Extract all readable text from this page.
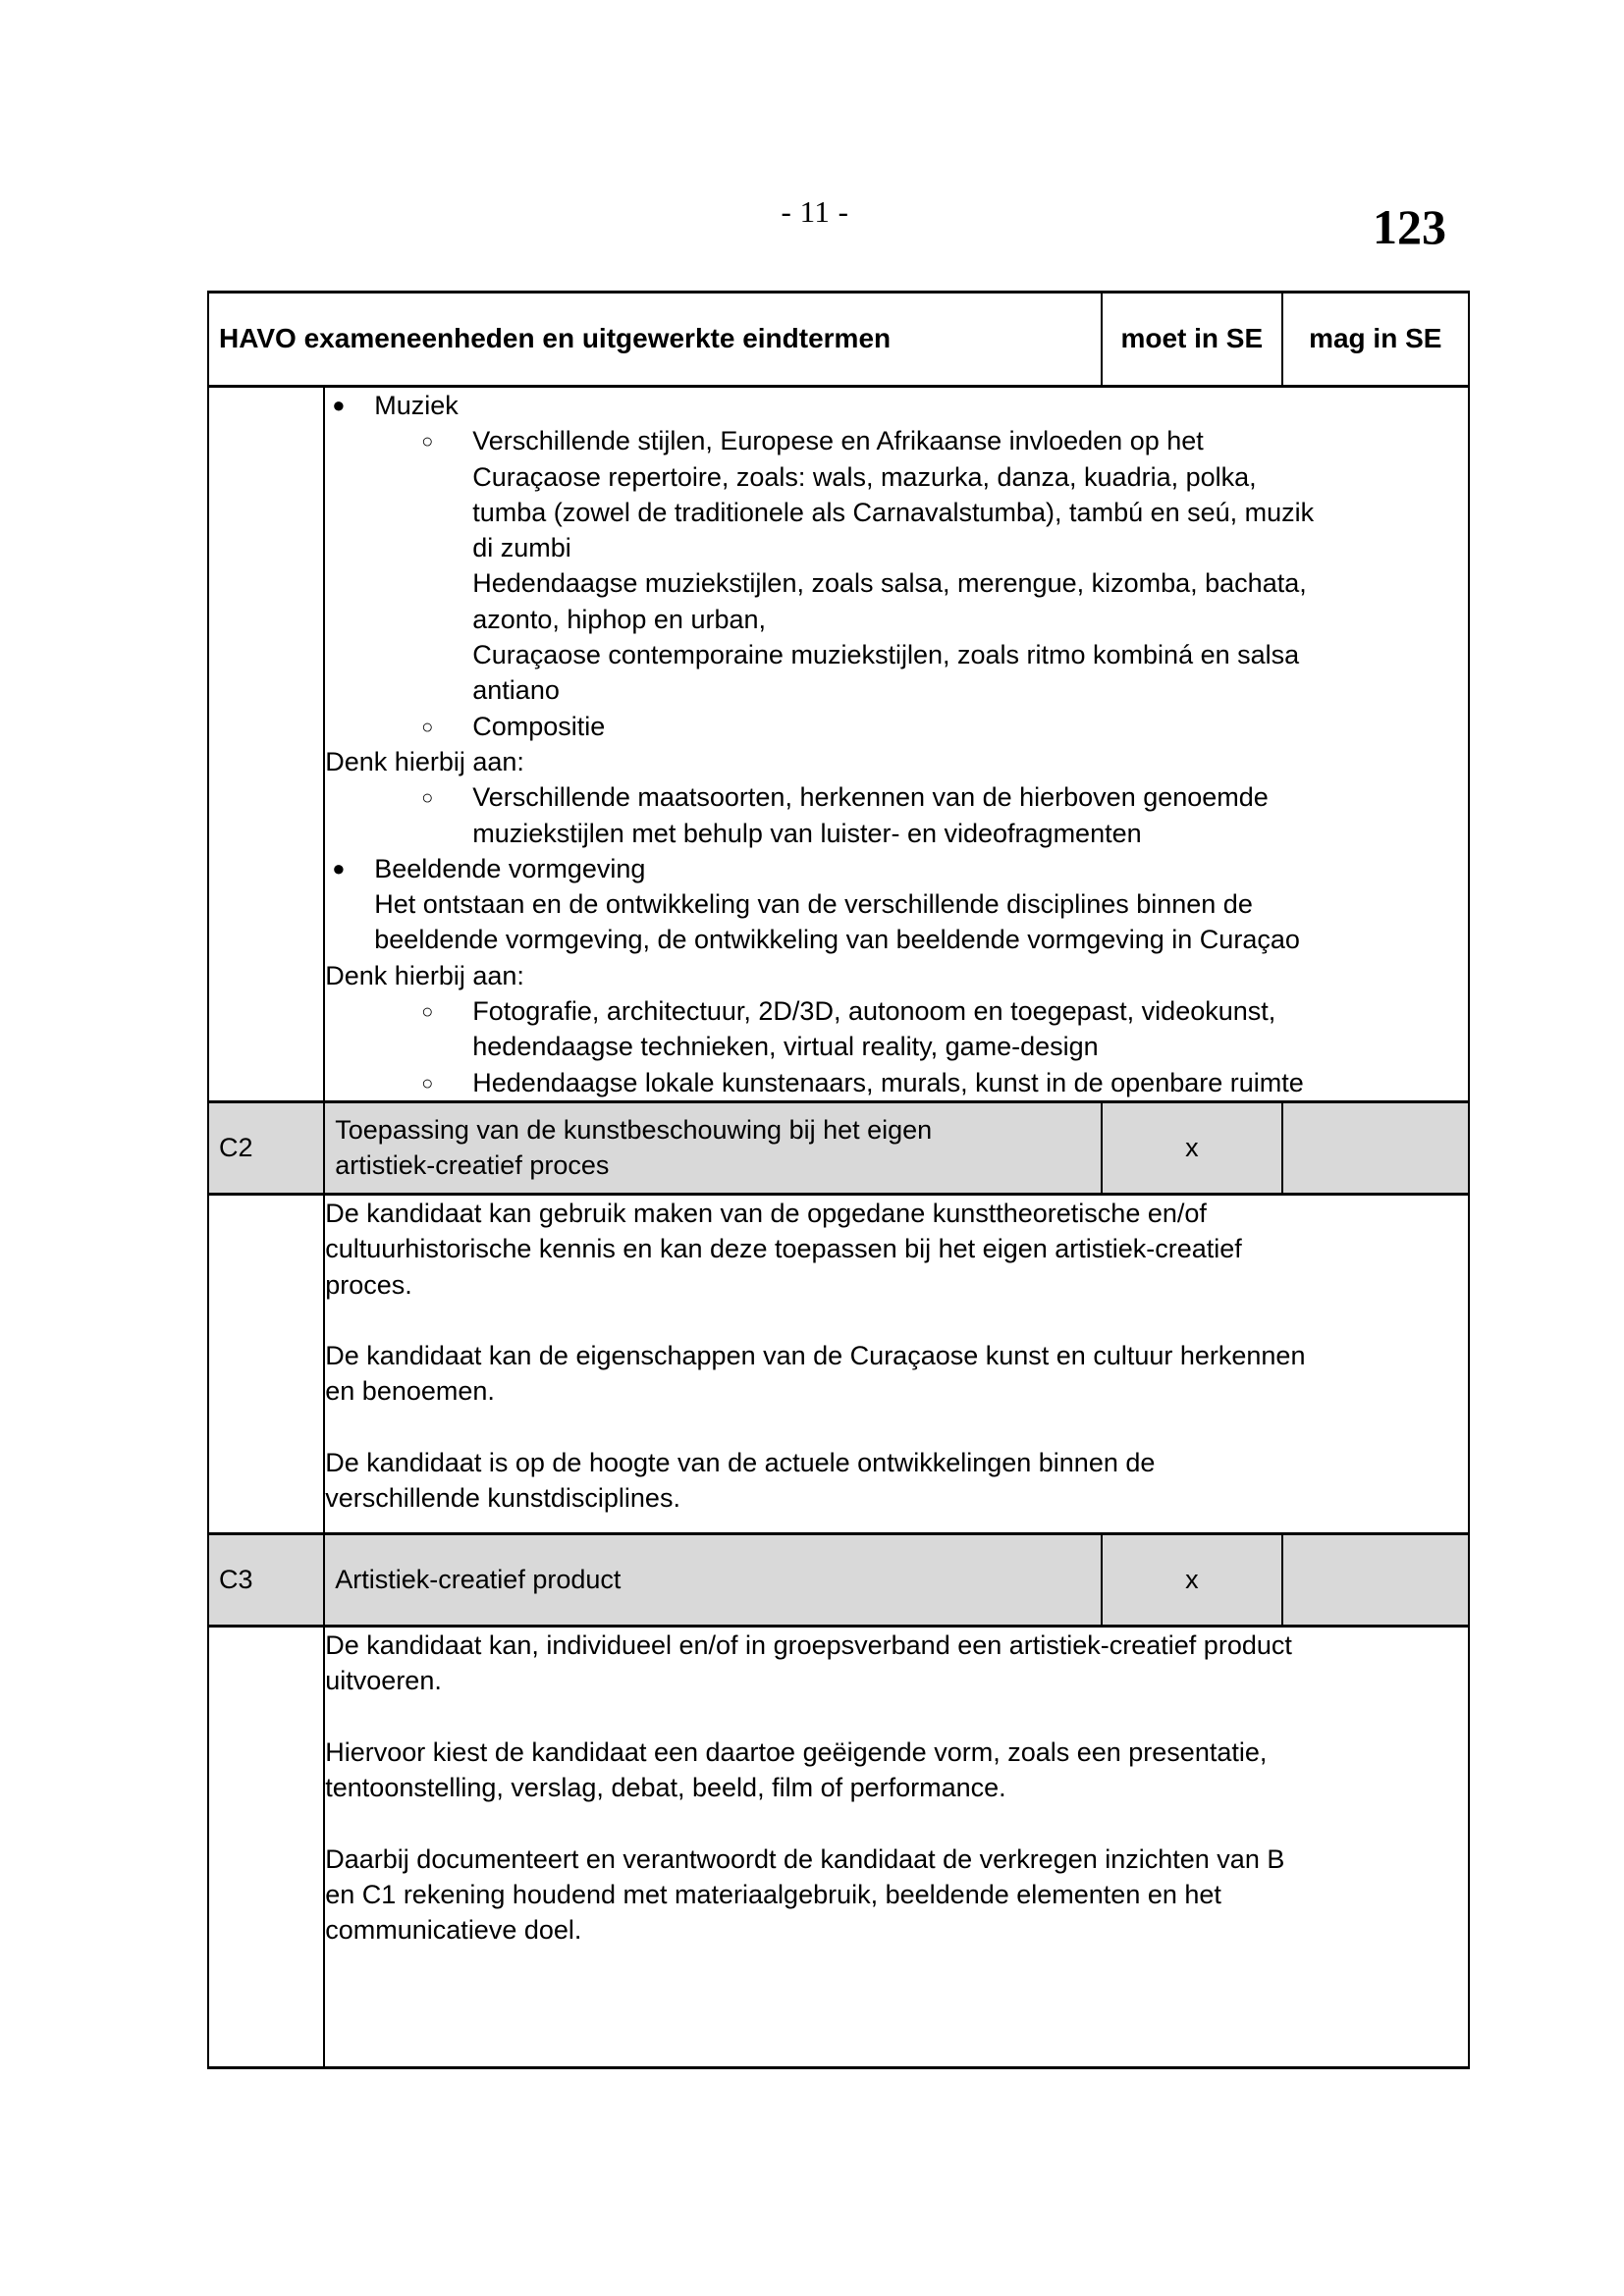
- 11 -	123
HAVO exameneenheden en uitgewerkte eindtermen		moet in SE	mag in SE

● Muziek
○ Verschillende stijlen, Europese en Afrikaanse invloeden op het
Curaçaose repertoire, zoals: wals, mazurka, danza, kuadria, polka,
tumba (zowel de traditionele als Carnavalstumba), tambú en seú, muzik
di zumbi
Hedendaagse muziekstijlen, zoals salsa, merengue, kizomba, bachata,
azonto, hiphop en urban,
Curaçaose contemporaine muziekstijlen, zoals ritmo kombiná en salsa
antiano
○ Compositie
Denk hierbij aan:
○ Verschillende maatsoorten, herkennen van de hierboven genoemde
muziekstijlen met behulp van luister- en videofragmenten
● Beeldende vormgeving
Het ontstaan en de ontwikkeling van de verschillende disciplines binnen de
beeldende vormgeving, de ontwikkeling van beeldende vormgeving in Curaçao
Denk hierbij aan:
○ Fotografie, architectuur, 2D/3D, autonoom en toegepast, videokunst,
hedendaagse technieken, virtual reality, game-design
○ Hedendaagse lokale kunstenaars, murals, kunst in de openbare ruimte

C2	Toepassing van de kunstbeschouwing bij het eigen
artistiek-creatief proces	x	

De kandidaat kan gebruik maken van de opgedane kunsttheoretische en/of
cultuurhistorische kennis en kan deze toepassen bij het eigen artistiek-creatief
proces.
De kandidaat kan de eigenschappen van de Curaçaose kunst en cultuur herkennen
en benoemen.
De kandidaat is op de hoogte van de actuele ontwikkelingen binnen de
verschillende kunstdisciplines.

C3	Artistiek-creatief product	x	

De kandidaat kan, individueel en/of in groepsverband een artistiek-creatief product
uitvoeren.
Hiervoor kiest de kandidaat een daartoe geëigende vorm, zoals een presentatie,
tentoonstelling, verslag, debat, beeld, film of performance.
Daarbij documenteert en verantwoordt de kandidaat de verkregen inzichten van B
en C1 rekening houdend met materiaalgebruik, beeldende elementen en het
communicatieve doel.
